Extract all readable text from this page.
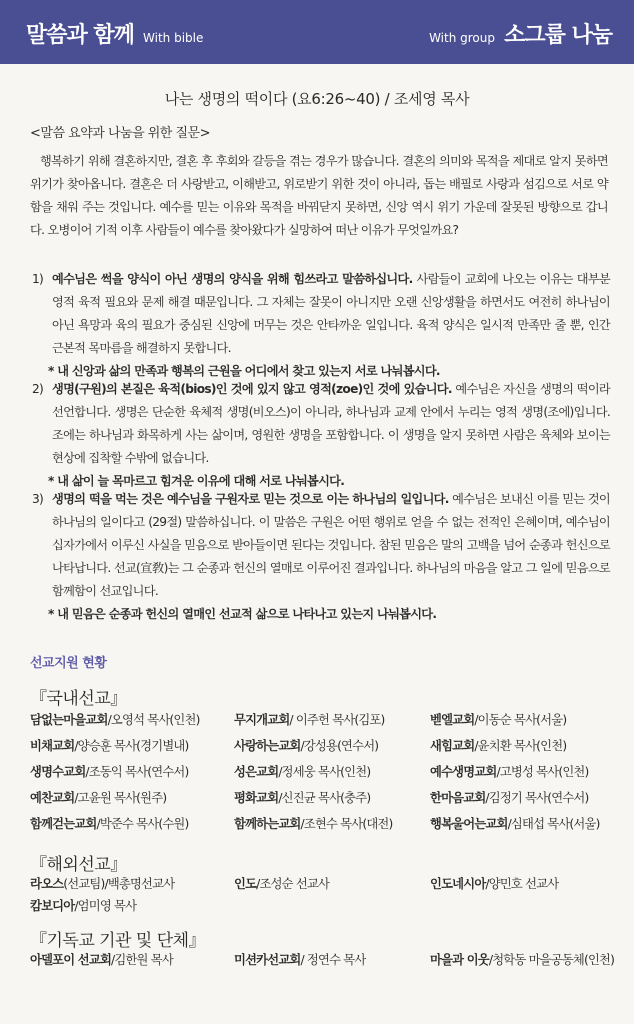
말씀과 함께 With bible	With group 소그룹 나눔
나는 생명의 떡이다 (요6:26~40) / 조세영 목사
<말씀 요약과 나눔을 위한 질문>

행복하기 위해 결혼하지만, 결혼 후 후회와 갈등을 겪는 경우가 많습니다. 결혼의 의미와 목적을 제대로 알지 못하면 위기가 찾아옵니다. 결혼은 더 사랑받고, 이해받고, 위로받기 위한 것이 아니라, 돕는 배필로 사랑과 섬김으로 서로 약함을 채워 주는 것입니다. 예수를 믿는 이유와 목적을 바꿔닫지 못하면, 신앙 역시 위기 가운데 잘못된 방향으로 갑니다. 오병이어 기적 이후 사람들이 예수를 찾아왔다가 실망하여 떠난 이유가 무엇일까요?

1) 예수님은 썩을 양식이 아닌 생명의 양식을 위해 힘쓰라고 말씀하십니다. 사람들이 교회에 나오는 이유는 대부분 영적 육적 필요와 문제 해결 때문입니다. 그 자체는 잘못이 아니지만 오랜 신앙생활을 하면서도 여전히 하나님이 아닌 욕망과 육의 필요가 중심된 신앙에 머무는 것은 안타까운 일입니다. 육적 양식은 일시적 만족만 줄 뿐, 인간 근본적 목마름을 해결하지 못합니다.
* 내 신앙과 삶의 만족과 행복의 근원을 어디에서 찾고 있는지 서로 나눠봅시다.
2) 생명(구원)의 본질은 육적(bios)인 것에 있지 않고 영적(zoe)인 것에 있습니다. 예수님은 자신을 생명의 떡이라 선언합니다. 생명은 단순한 육체적 생명(비오스)이 아니라, 하나님과 교제 안에서 누리는 영적 생명(조에)입니다. 조에는 하나님과 화목하게 사는 삶이며, 영원한 생명을 포함합니다. 이 생명을 알지 못하면 사람은 육체와 보이는 현상에 집착할 수밖에 없습니다.
* 내 삶이 늘 목마르고 힘겨운 이유에 대해 서로 나눠봅시다.
3) 생명의 떡을 먹는 것은 예수님을 구원자로 믿는 것으로 이는 하나님의 일입니다. 예수님은 보내신 이를 믿는 것이 하나님의 일이다고 (29절) 말씀하십니다. 이 말씀은 구원은 어떤 행위로 얻을 수 없는 전적인 은혜이며, 예수님이 십자가에서 이루신 사실을 믿음으로 받아들이면 된다는 것입니다. 참된 믿음은 말의 고백을 넘어 순종과 헌신으로 나타납니다. 선교(宣敎)는 그 순종과 헌신의 열매로 이루어진 결과입니다. 하나님의 마음을 알고 그 일에 믿음으로 함께함이 선교입니다.
* 내 믿음은 순종과 헌신의 열매인 선교적 삶으로 나타나고 있는지 나눠봅시다.
선교지원 현황
『국내선교』
담없는마을교회/오영석 목사(인천)	무지개교회/ 이주헌 목사(김포)	벧엘교회/이동순 목사(서울)
비채교회/양승훈 목사(경기별내)	사랑하는교회/강성용(연수서)	새힘교회/윤치환 목사(인천)
생명수교회/조동익 목사(연수서)	성은교회/정세웅 목사(인천)	예수생명교회/고병성 목사(인천)
예찬교회/고윤원 목사(원주)	평화교회/신진균 목사(충주)	한마음교회/김정기 목사(연수서)
함께걷는교회/박준수 목사(수원)	함께하는교회/조현수 목사(대전)	행복울어는교회/심태섭 목사(서울)
『해외선교』
라오스(선교팀)/백총명선교사	인도/조성순 선교사	인도네시아/양민호 선교사
캄보디아/엄미영 목사
『기독교 기관 및 단체』
아델포이 선교회/김한원 목사	미션카선교회/ 정연수 목사	마을과 이웃/청학동 마을공동체(인천)
